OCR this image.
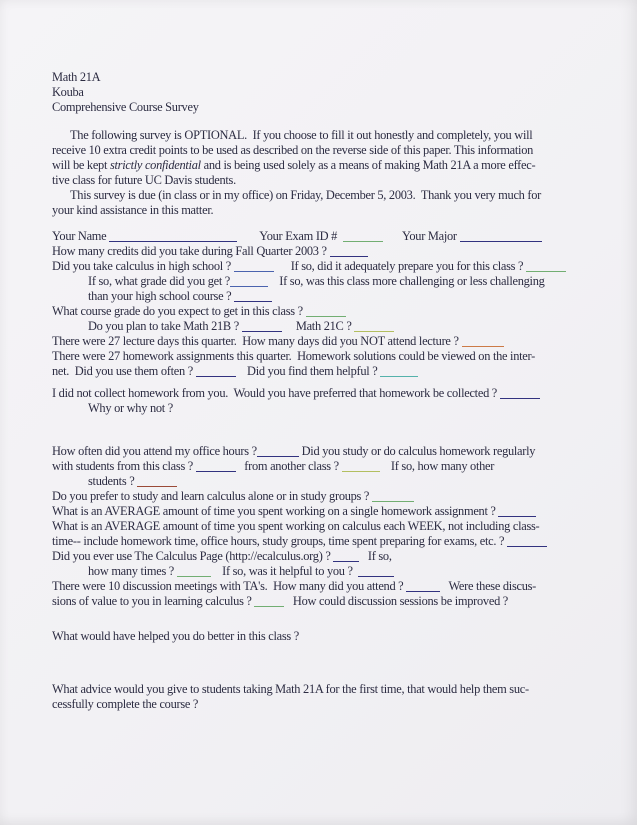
Math 21A
Kouba
Comprehensive Course Survey
The following survey is OPTIONAL.  If you choose to fill it out honestly and completely, you will
receive 10 extra credit points to be used as described on the reverse side of this paper. This information
will be kept strictly confidential and is being used solely as a means of making Math 21A a more effec-
tive class for future UC Davis students.
This survey is due (in class or in my office) on Friday, December 5, 2003.  Thank you very much for
your kind assistance in this matter.
Your Name	Your Exam ID #	Your Major
How many credits did you take during Fall Quarter 2003 ?
Did you take calculus in high school ?	If so, did it adequately prepare you for this class ?
If so, what grade did you get ?	If so, was this class more challenging or less challenging
than your high school course ?
What course grade do you expect to get in this class ?
Do you plan to take Math 21B ?	Math 21C ?
There were 27 lecture days this quarter.  How many days did you NOT attend lecture ?
There were 27 homework assignments this quarter.  Homework solutions could be viewed on the inter-
net.  Did you use them often ?	Did you find them helpful ?
I did not collect homework from you.  Would you have preferred that homework be collected ?
Why or why not ?
How often did you attend my office hours ?	Did you study or do calculus homework regularly
with students from this class ?	from another class ?	If so, how many other
students ?
Do you prefer to study and learn calculus alone or in study groups ?
What is an AVERAGE amount of time you spent working on a single homework assignment ?
What is an AVERAGE amount of time you spent working on calculus each WEEK, not including class-
time-- include homework time, office hours, study groups, time spent preparing for exams, etc. ?
Did you ever use The Calculus Page (http://ecalculus.org) ?    If so,
how many times ?	If so, was it helpful to you ?
There were 10 discussion meetings with TA's.  How many did you attend ?	Were these discus-
sions of value to you in learning calculus ?    How could discussion sessions be improved ?
What would have helped you do better in this class ?
What advice would you give to students taking Math 21A for the first time, that would help them suc-
cessfully complete the course ?
